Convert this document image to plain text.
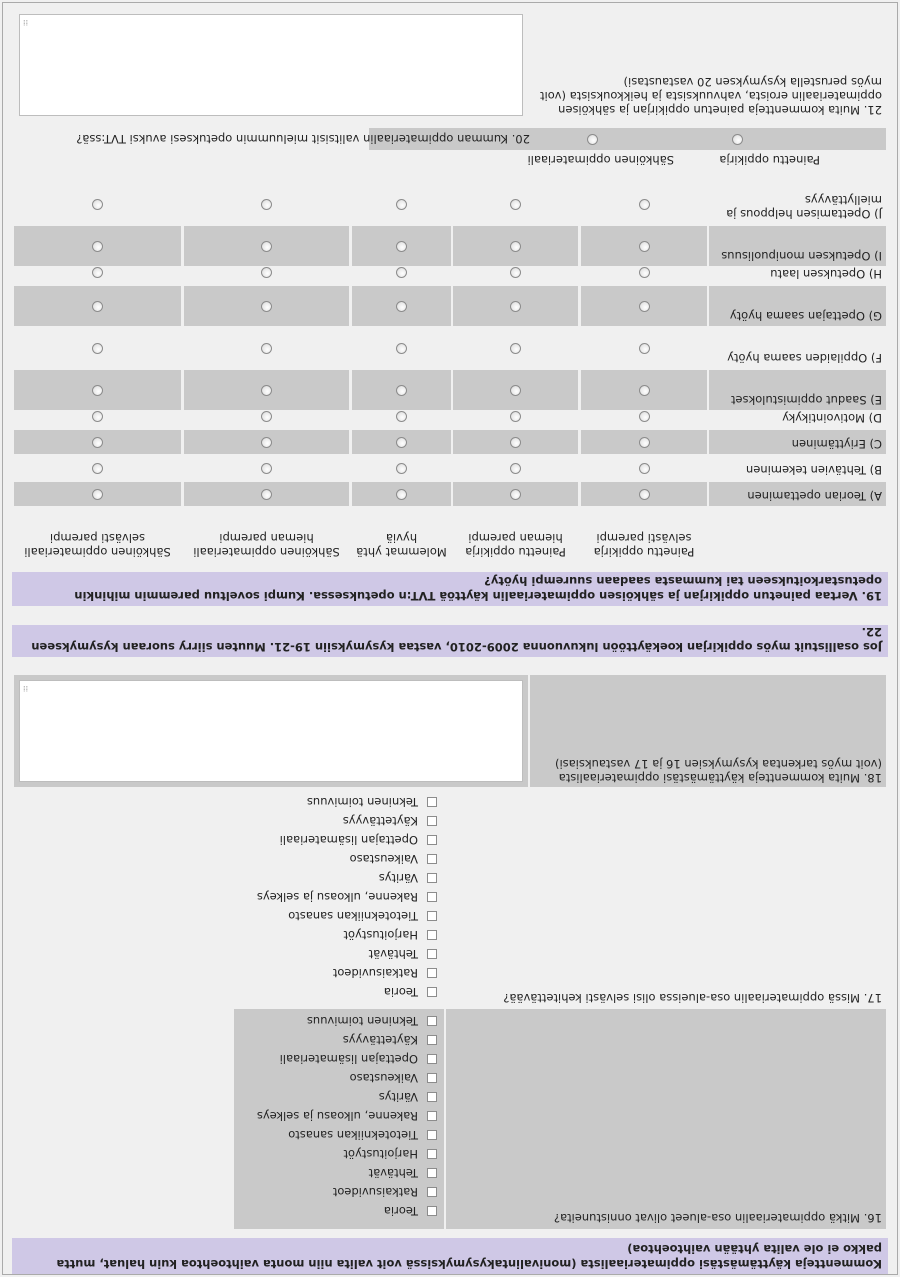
Kommentteja käyttämästäsi oppimateriaalista (monivalintakysymyksissä voit valita niin monta vaihtoehtoa kuin haluat, mutta pakko ei ole valita yhtään vaihtoehtoa)
16. Mitkä oppimateriaalin osa-alueet olivat onnistuneita?
17. Missä oppimateriaalin osa-alueissa olisi selvästi kehitettävää?
18. Muita kommentteja käyttämästäsi oppimateriaalista (voit myös tarkentaa kysymyksien 16 ja 17 vastauksiasi)
⁞⁞
Jos osallistuit myös oppikirjan koekäyttöön lukuvuonna 2009-2010, vastaa kysymyksiin 19-21. Muuten siirry suoraan kysymykseen 22.
19. Vertaa painetun oppikirjan ja sähköisen oppimateriaalin käyttöä TVT:n opetuksessa. Kumpi soveltuu paremmin mihinkin opetustarkoitukseen tai kummasta saadaan suurempi hyöty?
21. Muita kommentteja painetun oppikirjan ja sähköisen oppimateriaalin eroista, vahvuuksista ja heikkouksista (voit myös perustella kysymyksen 20 vastaustasi)
⁞⁞
Teoria
Ratkaisuvideot
Tehtävät
Harjoitustyöt
Tietotekniikan sanasto
Rakenne, ulkoasu ja selkeys
Väritys
Vaikeustaso
Opettajan lisämateriaali
Käytettävyys
Tekninen toimivuus
Teoria
Ratkaisuvideot
Tehtävät
Harjoitustyöt
Tietotekniikan sanasto
Rakenne, ulkoasu ja selkeys
Väritys
Vaikeustaso
Opettajan lisämateriaali
Käytettävyys
Tekninen toimivuus
Painettu oppikirja selvästi parempi
Painettu oppikirja hieman parempi
Molemmat yhtä hyviä
Sähköinen oppimateriaali hieman parempi
Sähköinen oppimateriaali selvästi parempi
A) Teorian opettaminen
B) Tehtävien tekeminen
C) Eriyttäminen
D) Motivointikyky
E) Saadut oppimistulokset
F) Oppilaiden saama hyöty
G) Opettajan saama hyöty
H) Opetuksen laatu
I) Opetuksen monipuolisuus
J) Opettamisen helppous ja miellyttävyys
Painettu oppikirja
Sähköinen oppimateriaali
20. Kumman oppimateriaalin valitsisit mieluummin opetuksesi avuksi TVT:ssä?
